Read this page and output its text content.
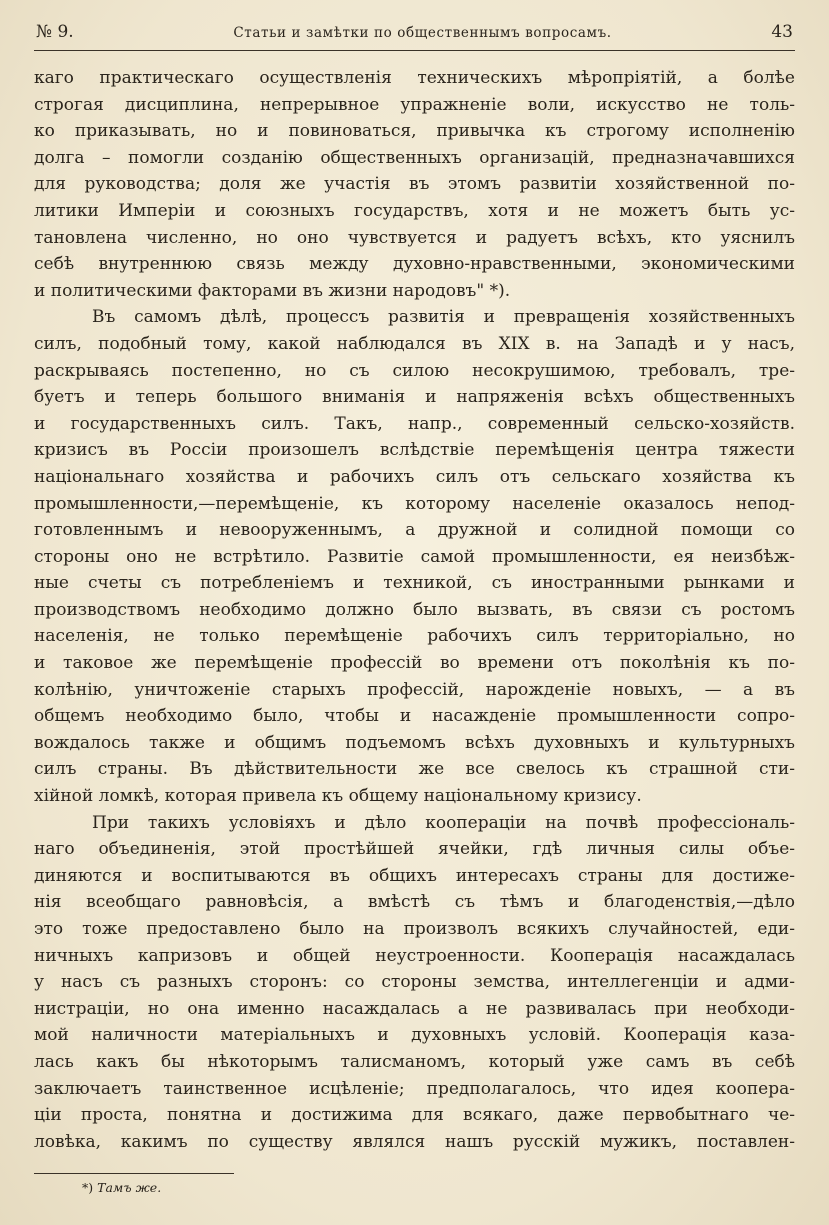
№ 9.	Статьи и замѣтки по общественнымъ вопросамъ.	43

каго практическаго осуществленія техническихъ мѣропріятій, а болѣе

строгая дисциплина, непрерывное упражненіе воли, искусство не толь-

ко приказывать, но и повиноваться, привычка къ строгому исполненію

долга – помогли созданію общественныхъ организацій, предназначавшихся

для руководства; доля же участія въ этомъ развитіи хозяйственной по-

литики Имперіи и союзныхъ государствъ, хотя и не можетъ быть ус-

тановлена численно, но оно чувствуется и радуетъ всѣхъ, кто уяснилъ

себѣ внутреннюю связь между духовно-нравственными, экономическими

и политическими факторами въ жизни народовъ" *).

Въ самомъ дѣлѣ, процессъ развитія и превращенія хозяйственныхъ

силъ, подобный тому, какой наблюдался въ XIX в. на Западѣ и у насъ,

раскрываясь постепенно, но съ силою несокрушимою, требовалъ, тре-

буетъ и теперь большого вниманія и напряженія всѣхъ общественныхъ

и государственныхъ силъ. Такъ, напр., современный сельско-хозяйств.

кризисъ въ Россіи произошелъ вслѣдствіе перемѣщенія центра тяжести

національнаго хозяйства и рабочихъ силъ отъ сельскаго хозяйства къ

промышленности,—перемѣщеніе, къ которому населеніе оказалось непод-

готовленнымъ и невооруженнымъ, а дружной и солидной помощи со

стороны оно не встрѣтило. Развитіе самой промышленности, ея неизбѣж-

ные счеты съ потребленіемъ и техникой, съ иностранными рынками и

производствомъ необходимо должно было вызвать, въ связи съ ростомъ

населенія, не только перемѣщеніе рабочихъ силъ территоріально, но

и таковое же перемѣщеніе профессій во времени отъ поколѣнія къ по-

колѣнію, уничтоженіе старыхъ профессій, нарожденіе новыхъ, — а въ

общемъ необходимо было, чтобы и насажденіе промышленности сопро-

вождалось также и общимъ подъемомъ всѣхъ духовныхъ и культурныхъ

силъ страны. Въ дѣйствительности же все свелось къ страшной сти-

хійной ломкѣ, которая привела къ общему національному кризису.

При такихъ условіяхъ и дѣло коопераціи на почвѣ профессіональ-

наго объединенія, этой простѣйшей ячейки, гдѣ личныя силы объе-

диняются и воспитываются въ общихъ интересахъ страны для достиже-

нія всеобщаго равновѣсія, а вмѣстѣ съ тѣмъ и благоденствія,—дѣло

это тоже предоставлено было на произволъ всякихъ случайностей, еди-

ничныхъ капризовъ и общей неустроенности. Кооперація насаждалась

у насъ съ разныхъ сторонъ: со стороны земства, интеллегенціи и адми-

нистраціи, но она именно насаждалась а не развивалась при необходи-

мой наличности матеріальныхъ и духовныхъ условій. Кооперація каза-

лась какъ бы нѣкоторымъ талисманомъ, который уже самъ въ себѣ

заключаетъ таинственное исцѣленіе; предполагалось, что идея коопера-

ціи проста, понятна и достижима для всякаго, даже первобытнаго че-

ловѣка, какимъ по существу являлся нашъ русскій мужикъ, поставлен-

*) Тамъ же.
